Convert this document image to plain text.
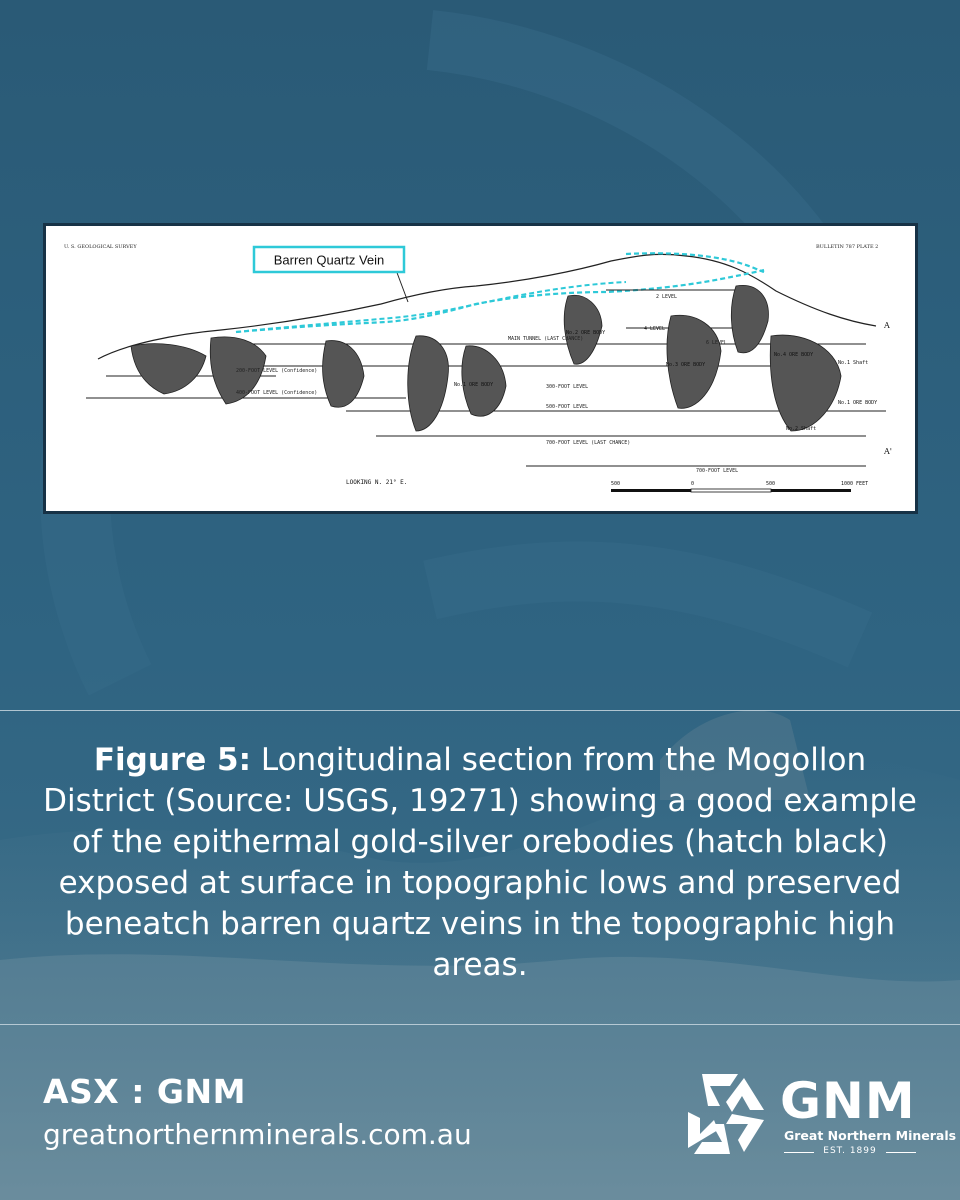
U. S. GEOLOGICAL SURVEY	BULLETIN 787 PLATE 2
Barren Quartz Vein
200-FOOT LEVEL (Confidence)
400-FOOT LEVEL (Confidence)
MAIN TUNNEL (LAST CHANCE)
300-FOOT LEVEL
500-FOOT LEVEL
700-FOOT LEVEL (LAST CHANCE)
700-FOOT LEVEL
2 LEVEL
4 LEVEL
6 LEVEL
No.1 ORE BODY
No.2 ORE BODY
No.3 ORE BODY
No.4 ORE BODY
No.1 ORE BODY
No.1 Shaft
No.2 Shaft
A
A'
LOOKING N. 21° E.	500	0	500	1000 FEET
Figure 5: Longitudinal section from the Mogollon District (Source: USGS, 19271) showing a good example of the epithermal gold-silver orebodies (hatch black) exposed at surface in topographic lows and preserved beneatch barren quartz veins in the topographic high areas.
ASX : GNM
greatnorthernminerals.com.au
GNM
Great Northern Minerals
EST. 1899
